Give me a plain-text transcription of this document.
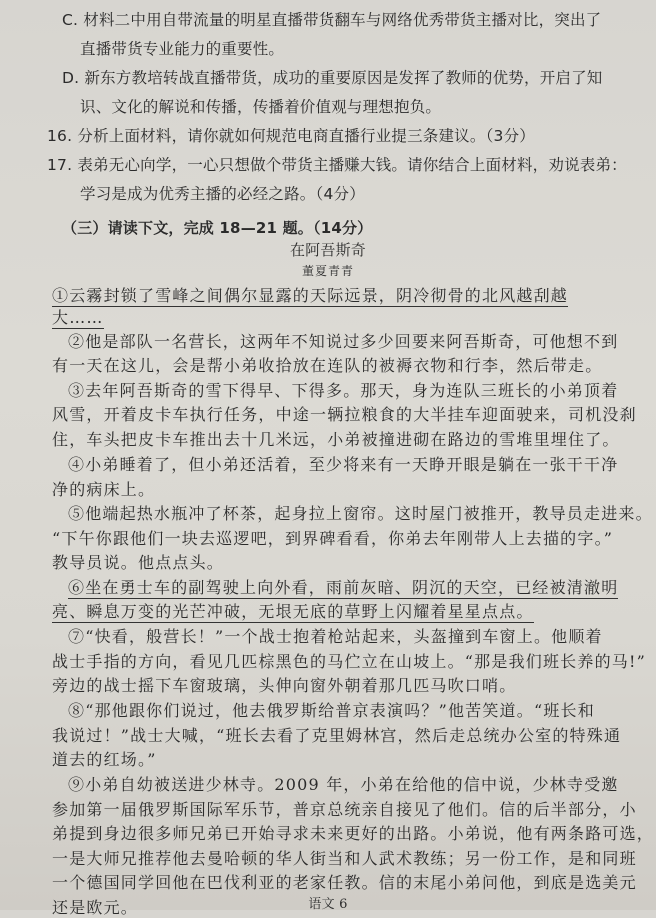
C. 材料二中用自带流量的明星直播带货翻车与网络优秀带货主播对比，突出了
直播带货专业能力的重要性。
D. 新东方教培转战直播带货，成功的重要原因是发挥了教师的优势，开启了知
识、文化的解说和传播，传播着价值观与理想抱负。
16. 分析上面材料，请你就如何规范电商直播行业提三条建议。（3分）
17. 表弟无心向学，一心只想做个带货主播赚大钱。请你结合上面材料，劝说表弟：
学习是成为优秀主播的必经之路。（4分）
（三）请读下文，完成 18—21 题。（14分）
在阿吾斯奇
董夏青青
①云霧封锁了雪峰之间偶尔显露的天际远景，阴冷彻骨的北风越刮越
大……
②他是部队一名营长，这两年不知说过多少回要来阿吾斯奇，可他想不到
有一天在这儿，会是帮小弟收拾放在连队的被褥衣物和行李，然后带走。
③去年阿吾斯奇的雪下得早、下得多。那天，身为连队三班长的小弟顶着
风雪，开着皮卡车执行任务，中途一辆拉粮食的大半挂车迎面驶来，司机没刹
住，车头把皮卡车推出去十几米远，小弟被撞进砌在路边的雪堆里埋住了。
④小弟睡着了，但小弟还活着，至少将来有一天睁开眼是躺在一张干干净
净的病床上。
⑤他端起热水瓶冲了杯茶，起身拉上窗帘。这时屋门被推开，教导员走进来。
“下午你跟他们一块去巡逻吧，到界碑看看，你弟去年刚带人上去描的字。”
教导员说。他点点头。
⑥坐在勇士车的副驾驶上向外看，雨前灰暗、阴沉的天空，已经被清澈明
亮、瞬息万变的光芒冲破，无垠无底的草野上闪耀着星星点点。
⑦“快看，般营长！”一个战士抱着枪站起来，头盔撞到车窗上。他顺着
战士手指的方向，看见几匹棕黑色的马伫立在山坡上。“那是我们班长养的马!”
旁边的战士摇下车窗玻璃，头伸向窗外朝着那几匹马吹口哨。
⑧“那他跟你们说过，他去俄罗斯给普京表演吗？”他苦笑道。“班长和
我说过！”战士大喊，“班长去看了克里姆林宫，然后走总统办公室的特殊通
道去的红场。”
语文 6
⑨小弟自幼被送进少林寺。2009 年，小弟在给他的信中说，少林寺受邀
参加第一届俄罗斯国际军乐节，普京总统亲自接见了他们。信的后半部分，小
弟提到身边很多师兄弟已开始寻求未来更好的出路。小弟说，他有两条路可选，
一是大师兄推荐他去曼哈顿的华人街当和人武术教练；另一份工作，是和同班
一个德国同学回他在巴伐利亚的老家任教。信的末尾小弟问他，到底是选美元
还是欧元。
